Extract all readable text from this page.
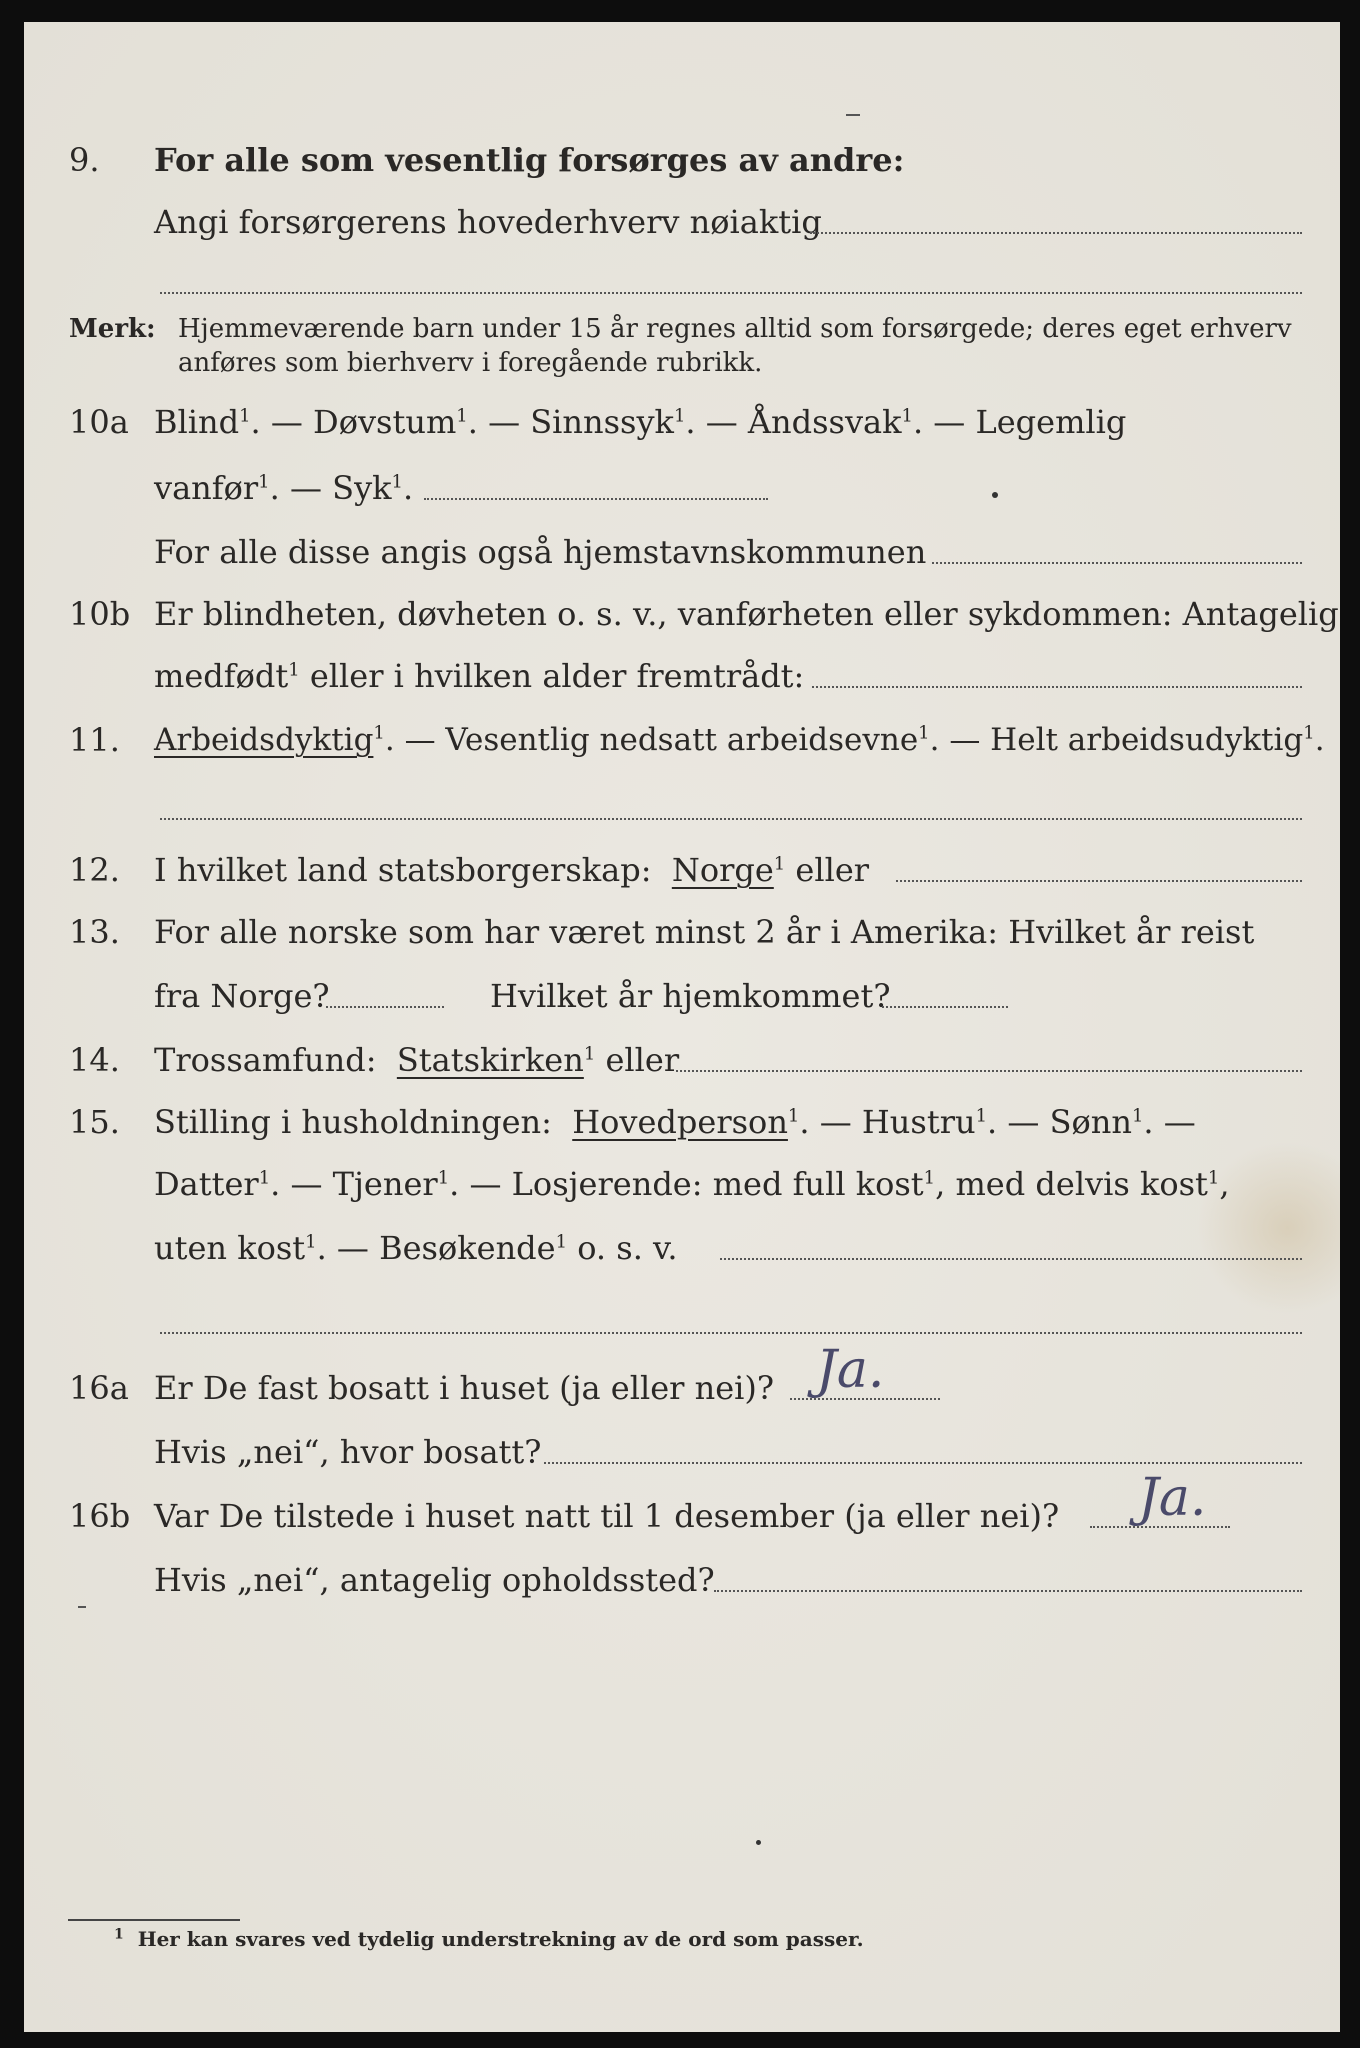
9. For alle som vesentlig forsørges av andre:
Angi forsørgerens hovederhverv nøiaktig
Merk: Hjemmeværende barn under 15 år regnes alltid som forsørgede; deres eget erhverv
anføres som bierhverv i foregående rubrikk.
10a Blind$^1$. — Døvstum$^1$. — Sinnssyk$^1$. — Åndssvak$^1$. — Legemlig
vanfør$^1$. — Syk$^1$.
For alle disse angis også hjemstavnskommunen
10b Er blindheten, døvheten o. s. v., vanførheten eller sykdommen: Antagelig
medfødt$^1$ eller i hvilken alder fremtrådt:
11. Arbeidsdyktig$^1$. — Vesentlig nedsatt arbeidsevne$^1$. — Helt arbeidsudyktig$^1$.
12. I hvilket land statsborgerskap: Norge$^1$ eller
13. For alle norske som har været minst 2 år i Amerika: Hvilket år reist
fra Norge?	Hvilket år hjemkommet?
14. Trossamfund: Statskirken$^1$ eller
15. Stilling i husholdningen: Hovedperson$^1$. — Hustru$^1$. — Sønn$^1$. —
Datter$^1$. — Tjener$^1$. — Losjerende: med full kost$^1$, med delvis kost$^1$,
uten kost$^1$. — Besøkende$^1$ o. s. v.
16a Er De fast bosatt i huset (ja eller nei)? Ja.
Hvis „nei“, hvor bosatt?
16b Var De tilstede i huset natt til 1 desember (ja eller nei)? Ja.
Hvis „nei“, antagelig opholdssted?
$^1$ Her kan svares ved tydelig understrekning av de ord som passer.
